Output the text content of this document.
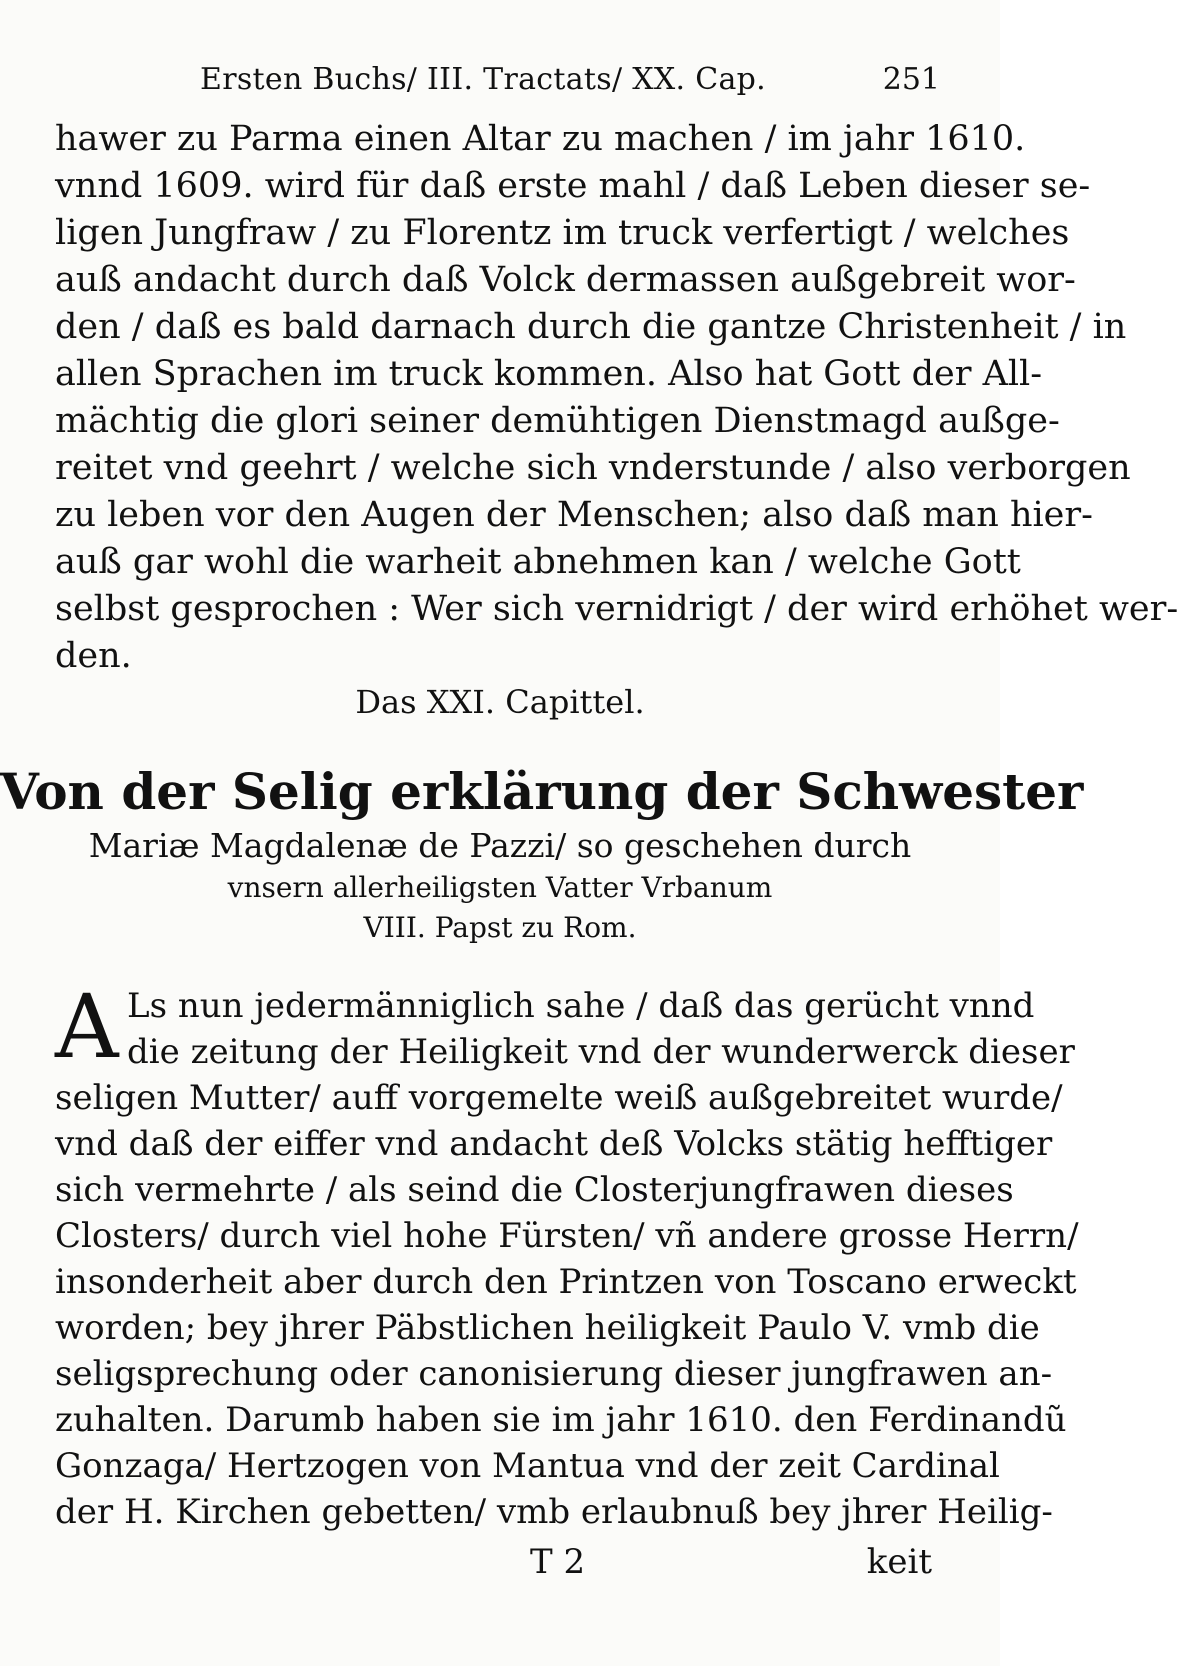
Ersten Buchs/ III. Tractats/ XX. Cap.	251
hawer zu Parma einen Altar zu machen / im jahr 1610.
vnnd 1609. wird für daß erste mahl / daß Leben dieser se-
ligen Jungfraw / zu Florentz im truck verfertigt / welches
auß andacht durch daß Volck dermassen außgebreit wor-
den / daß es bald darnach durch die gantze Christenheit / in
allen Sprachen im truck kommen. Also hat Gott der All-
mächtig die glori seiner demühtigen Dienstmagd außge-
reitet vnd geehrt / welche sich vnderstunde / also verborgen
zu leben vor den Augen der Menschen; also daß man hier-
auß gar wohl die warheit abnehmen kan / welche Gott
selbst gesprochen : Wer sich vernidrigt / der wird erhöhet wer-
den.
Das XXI. Capittel.
Von der Selig erklärung der Schwester
Mariæ Magdalenæ de Pazzi/ so geschehen durch
vnsern allerheiligsten Vatter Vrbanum
VIII. Papst zu Rom.
A Ls nun jedermänniglich sahe / daß das gerücht vnnd
die zeitung der Heiligkeit vnd der wunderwerck dieser
seligen Mutter/ auff vorgemelte weiß außgebreitet wurde/
vnd daß der eiffer vnd andacht deß Volcks stätig hefftiger
sich vermehrte / als seind die Closterjungfrawen dieses
Closters/ durch viel hohe Fürsten/ vñ andere grosse Herrn/
insonderheit aber durch den Printzen von Toscano erweckt
worden; bey jhrer Päbstlichen heiligkeit Paulo V. vmb die
seligsprechung oder canonisierung dieser jungfrawen an-
zuhalten. Darumb haben sie im jahr 1610. den Ferdinandũ
Gonzaga/ Hertzogen von Mantua vnd der zeit Cardinal
der H. Kirchen gebetten/ vmb erlaubnuß bey jhrer Heilig-
T 2	keit
